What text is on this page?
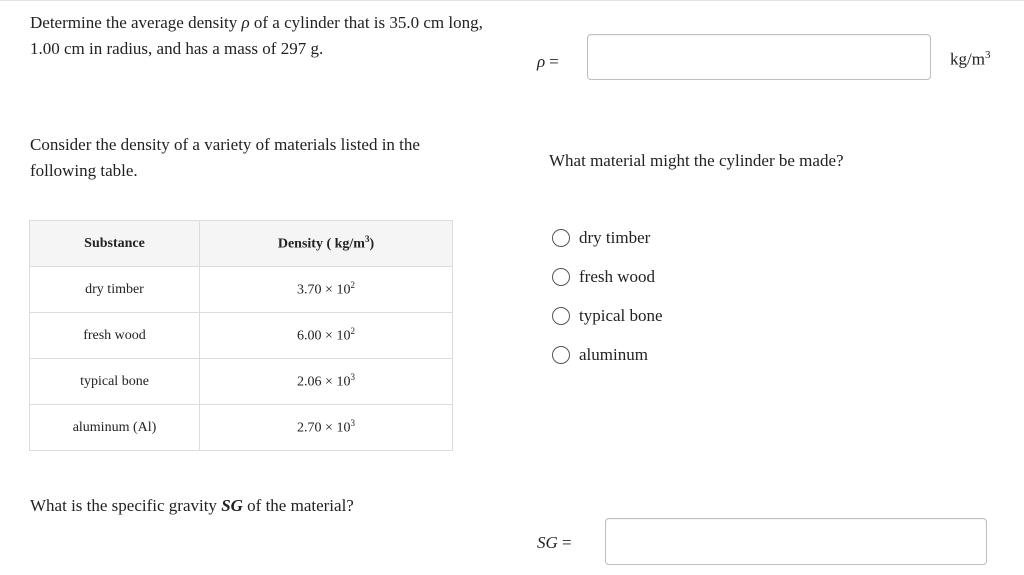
Determine the average density ρ of a cylinder that is 35.0 cm long, 1.00 cm in radius, and has a mass of 297 g.
ρ =	$kg/m^3$
Consider the density of a variety of materials listed in the following table.
Substance	Density ( $kg/m^3$)
dry timber	$3.70 \times 10^2$
fresh wood	$6.00 \times 10^2$
typical bone	$2.06 \times 10^3$
aluminum (Al)	$2.70 \times 10^3$
What material might the cylinder be made?
dry timber
fresh wood
typical bone
aluminum
What is the specific gravity SG of the material?
SG =
